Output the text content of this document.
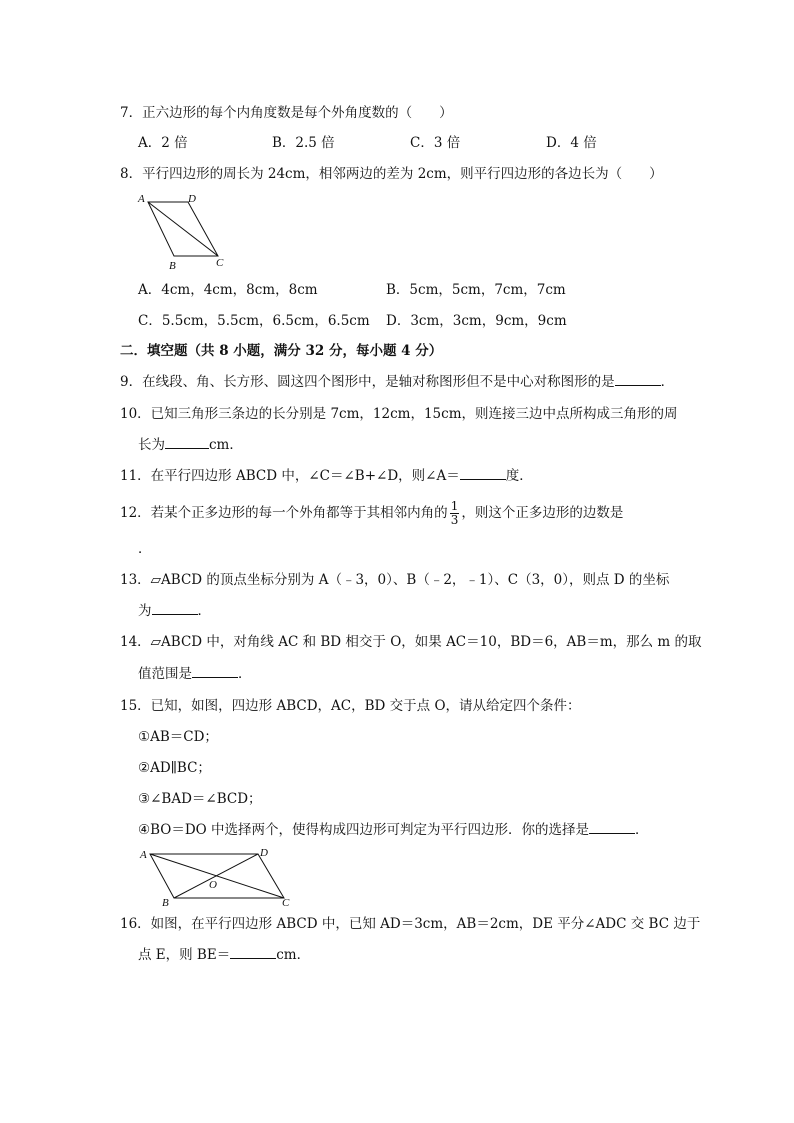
7．正六边形的每个内角度数是每个外角度数的（　　）
A．2 倍	B．2.5 倍	C．3 倍	D．4 倍
8．平行四边形的周长为 24cm，相邻两边的差为 2cm，则平行四边形的各边长为（　　）
A	D
B	C
A．4cm，4cm，8cm，8cm	B．5cm，5cm，7cm，7cm
C．5.5cm，5.5cm，6.5cm，6.5cm D．3cm，3cm，9cm，9cm
二．填空题（共 8 小题，满分 32 分，每小题 4 分）
9．在线段、角、长方形、圆这四个图形中，是轴对称图形但不是中心对称图形的是	．
10．已知三角形三条边的长分别是 7cm，12cm，15cm，则连接三边中点所构成三角形的周
长为	cm．
11．在平行四边形 ABCD 中，∠C＝∠B+∠D，则∠A＝	度．
12．若某个正多边形的每一个外角都等于其相邻内角的 $\frac{1}{3}$ ，则这个正多边形的边数是
．
13．▱ABCD 的顶点坐标分别为 A（﹣3，0）、B（﹣2，﹣1）、C（3，0），则点 D 的坐标
为	．
14．▱ABCD 中，对角线 AC 和 BD 相交于 O，如果 AC＝10，BD＝6，AB＝m，那么 m 的取
值范围是	．
15．已知，如图，四边形 ABCD，AC，BD 交于点 O，请从给定四个条件：
①AB＝CD；
②AD∥BC；
③∠BAD＝∠BCD；
④BO＝DO 中选择两个，使得构成四边形可判定为平行四边形．你的选择是	．
A	D
O
B	C
16．如图，在平行四边形 ABCD 中，已知 AD＝3cm，AB＝2cm，DE 平分∠ADC 交 BC 边于
点 E，则 BE＝	cm．
